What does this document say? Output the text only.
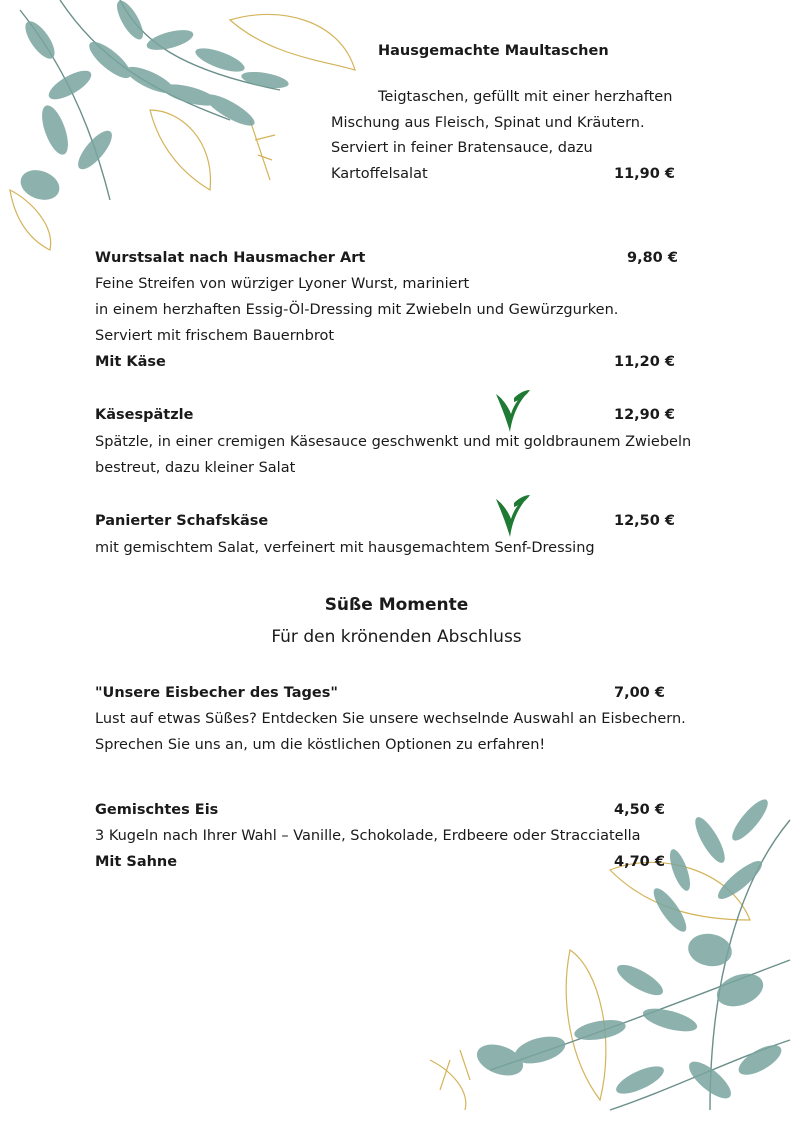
Hausgemachte Maultaschen
Teigtaschen, gefüllt mit einer herzhaften
Mischung aus Fleisch, Spinat und Kräutern.
Serviert in feiner Bratensauce, dazu
Kartoffelsalat	11,90 €
Wurstsalat nach Hausmacher Art	9,80 €
Feine Streifen von würziger Lyoner Wurst, mariniert
in einem herzhaften Essig-Öl-Dressing mit Zwiebeln und Gewürzgurken.
Serviert mit frischem Bauernbrot
Mit Käse	11,20 €
Käsespätzle	12,90 €
Spätzle, in einer cremigen Käsesauce geschwenkt und mit goldbraunem Zwiebeln
bestreut, dazu kleiner Salat
Panierter Schafskäse	12,50 €
mit gemischtem Salat, verfeinert mit hausgemachtem Senf-Dressing
Süße Momente
Für den krönenden Abschluss
"Unsere Eisbecher des Tages"	7,00 €
Lust auf etwas Süßes? Entdecken Sie unsere wechselnde Auswahl an Eisbechern.
Sprechen Sie uns an, um die köstlichen Optionen zu erfahren!
Gemischtes Eis	4,50 €
3 Kugeln nach Ihrer Wahl – Vanille, Schokolade, Erdbeere oder Stracciatella
Mit Sahne	4,70 €
